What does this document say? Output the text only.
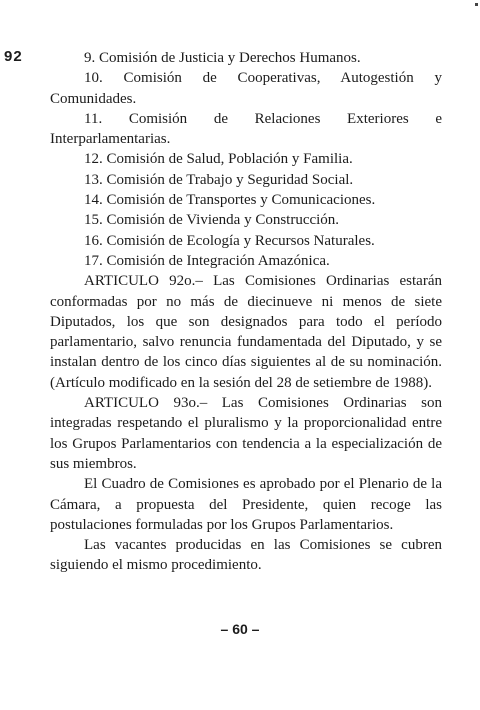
92	9. Comisión de Justicia y Derechos Humanos.
10. Comisión de Cooperativas, Autogestión y Comunidades.
11. Comisión de Relaciones Exteriores e Interparlamentarias.
12. Comisión de Salud, Población y Familia.
13. Comisión de Trabajo y Seguridad Social.
14. Comisión de Transportes y Comunicaciones.
15. Comisión de Vivienda y Construcción.
16. Comisión de Ecología y Recursos Naturales.
17. Comisión de Integración Amazónica.
ARTICULO 92o.– Las Comisiones Ordinarias estarán conformadas por no más de diecinueve ni menos de siete Diputados, los que son designados para todo el período parlamentario, salvo renuncia fundamentada del Diputado, y se instalan dentro de los cinco días siguientes al de su nominación. (Artículo modificado en la sesión del 28 de setiembre de 1988).
ARTICULO 93o.– Las Comisiones Ordinarias son integradas respetando el pluralismo y la proporcionalidad entre los Grupos Parlamentarios con tendencia a la especialización de sus miembros.
El Cuadro de Comisiones es aprobado por el Plenario de la Cámara, a propuesta del Presidente, quien recoge las postulaciones formuladas por los Grupos Parlamentarios.
Las vacantes producidas en las Comisiones se cubren siguiendo el mismo procedimiento.
– 60 –
